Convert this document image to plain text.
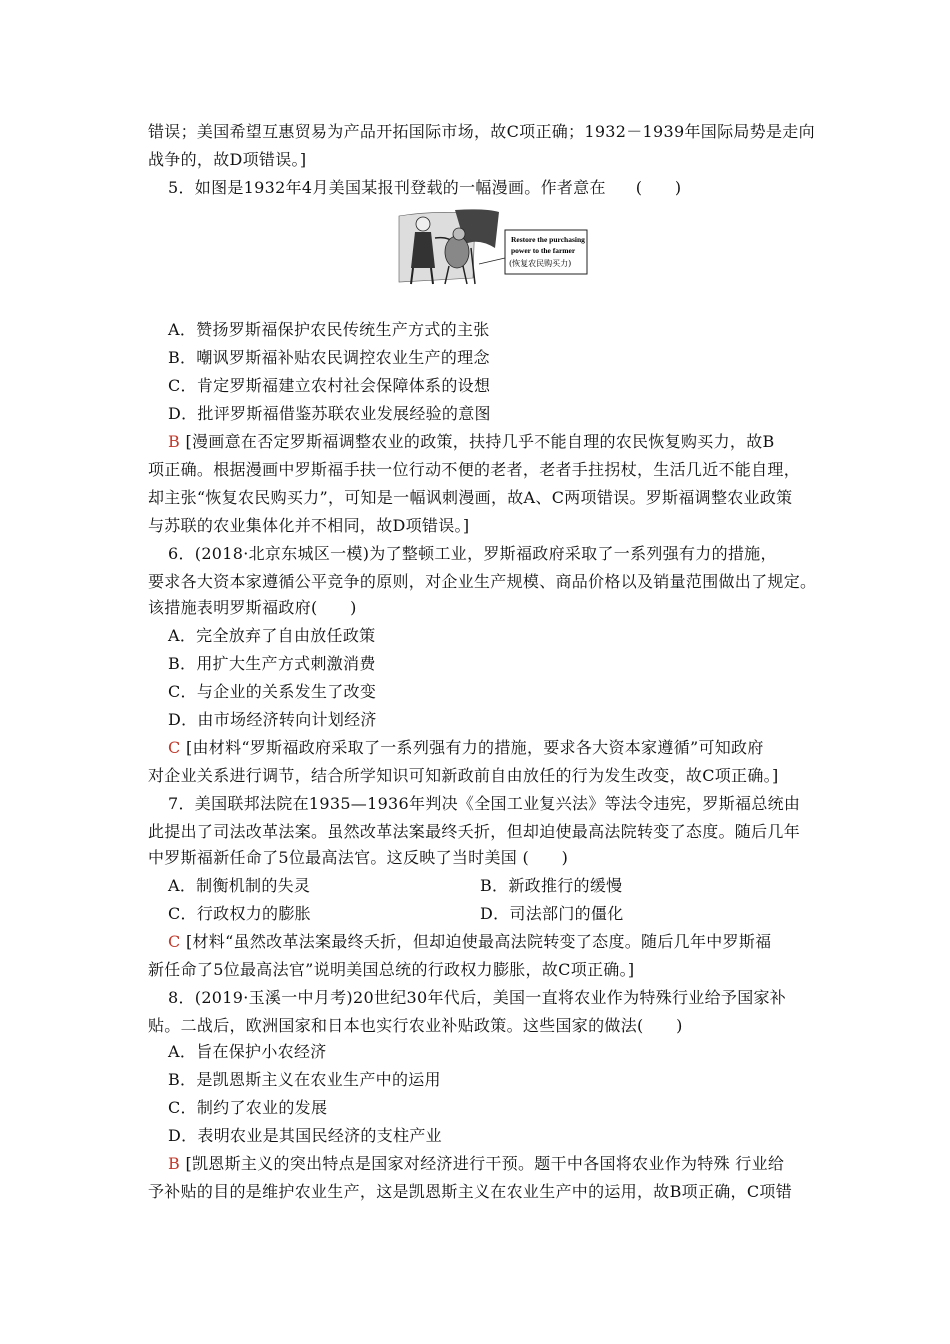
错误；美国希望互惠贸易为产品开拓国际市场，故C项正确；1932－1939年国际局势是走向
战争的，故D项错误。]
5．如图是1932年4月美国某报刊登载的一幅漫画。作者意在 (　　)
Restore the purchasing
power to the farmer
(恢复农民购买力)
A．赞扬罗斯福保护农民传统生产方式的主张
B．嘲讽罗斯福补贴农民调控农业生产的理念
C．肯定罗斯福建立农村社会保障体系的设想
D．批评罗斯福借鉴苏联农业发展经验的意图
B [漫画意在否定罗斯福调整农业的政策，扶持几乎不能自理的农民恢复购买力，故B
项正确。根据漫画中罗斯福手扶一位行动不便的老者，老者手拄拐杖，生活几近不能自理，
却主张“恢复农民购买力”，可知是一幅讽刺漫画，故A、C两项错误。罗斯福调整农业政策
与苏联的农业集体化并不相同，故D项错误。]
6．(2018·北京东城区一模)为了整顿工业，罗斯福政府采取了一系列强有力的措施，
要求各大资本家遵循公平竞争的原则，对企业生产规模、商品价格以及销量范围做出了规定。
该措施表明罗斯福政府(　　)
A．完全放弃了自由放任政策
B．用扩大生产方式刺激消费
C．与企业的关系发生了改变
D．由市场经济转向计划经济
C [由材料“罗斯福政府采取了一系列强有力的措施，要求各大资本家遵循”可知政府
对企业关系进行调节，结合所学知识可知新政前自由放任的行为发生改变，故C项正确。]
7．美国联邦法院在1935—1936年判决《全国工业复兴法》等法令违宪，罗斯福总统由
此提出了司法改革法案。虽然改革法案最终夭折，但却迫使最高法院转变了态度。随后几年
中罗斯福新任命了5位最高法官。这反映了当时美国 (　　)
A．制衡机制的失灵	B．新政推行的缓慢
C．行政权力的膨胀	D．司法部门的僵化
C [材料“虽然改革法案最终夭折，但却迫使最高法院转变了态度。随后几年中罗斯福
新任命了5位最高法官”说明美国总统的行政权力膨胀，故C项正确。]
8．(2019·玉溪一中月考)20世纪30年代后，美国一直将农业作为特殊行业给予国家补
贴。二战后，欧洲国家和日本也实行农业补贴政策。这些国家的做法(　　)
A．旨在保护小农经济
B．是凯恩斯主义在农业生产中的运用
C．制约了农业的发展
D．表明农业是其国民经济的支柱产业
B [凯恩斯主义的突出特点是国家对经济进行干预。题干中各国将农业作为特殊 行业给
予补贴的目的是维护农业生产，这是凯恩斯主义在农业生产中的运用，故B项正确，C项错
